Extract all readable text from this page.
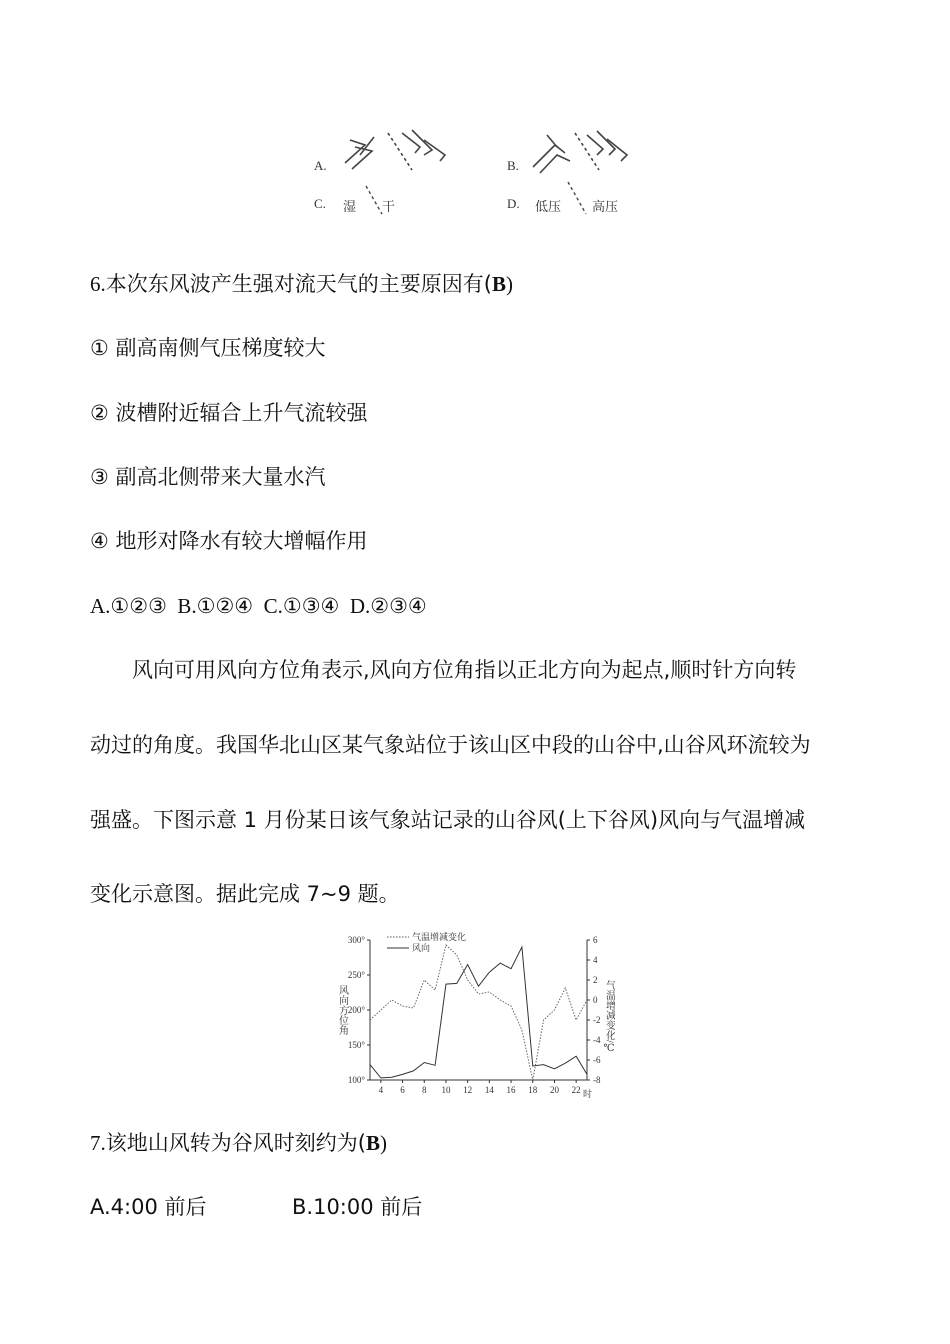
A.	B.
C. 湿 干	D. 低压 高压
6.本次东风波产生强对流天气的主要原因有(B)
① 副高南侧气压梯度较大
② 波槽附近辐合上升气流较强
③ 副高北侧带来大量水汽
④ 地形对降水有较大增幅作用
A.①②③  B.①②④  C.①③④  D.②③④
风向可用风向方位角表示,风向方位角指以正北方向为起点,顺时针方向转
动过的角度。我国华北山区某气象站位于该山区中段的山谷中,山谷风环流较为
强盛。下图示意 1 月份某日该气象站记录的山谷风(上下谷风)风向与气温增减
变化示意图。据此完成 7~9 题。
100°
150°
200°
250°
300°
-8
-6
-4
-2
0
2
4
6
4 6 8 10 12 14 16 18 20 22
气温增减变化
风向
风向方位角	气温增减变化/℃
时
7.该地山风转为谷风时刻约为(B)
A.4:00 前后	B.10:00 前后
